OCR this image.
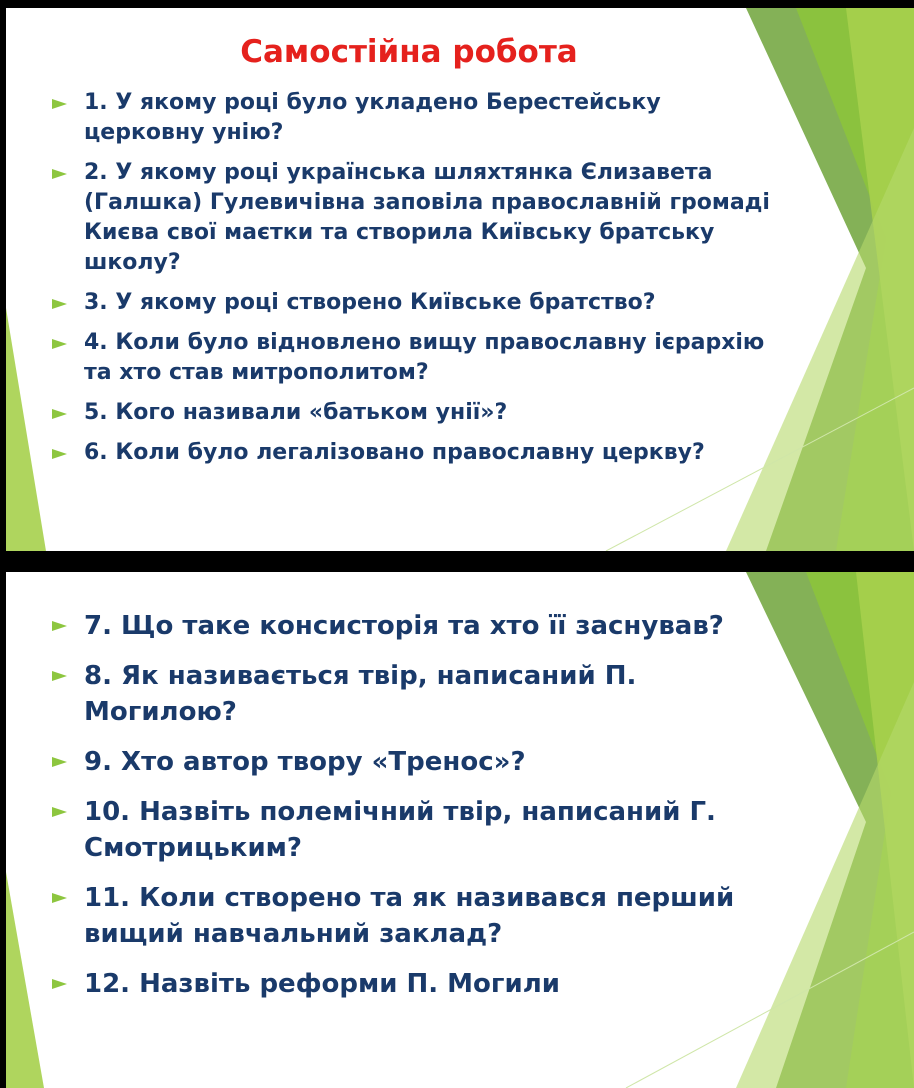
Самостійна робота
1. У якому році було укладено Берестейську церковну унію?
2. У якому році українська шляхтянка Єлизавета (Галшка) Гулевичівна заповіла православній громаді Києва свої маєтки та створила Київську братську школу?
3. У якому році створено Київське братство?
4. Коли було відновлено вищу православну ієрархію та хто став митрополитом?
5. Кого називали «батьком унії»?
6. Коли було легалізовано православну церкву?
7. Що таке консисторія та хто її заснував?
8. Як називається твір, написаний П. Могилою?
9. Хто автор твору «Тренос»?
10. Назвіть полемічний твір, написаний Г. Смотрицьким?
11. Коли створено та як називався перший вищий навчальний заклад?
12. Назвіть реформи П. Могили
